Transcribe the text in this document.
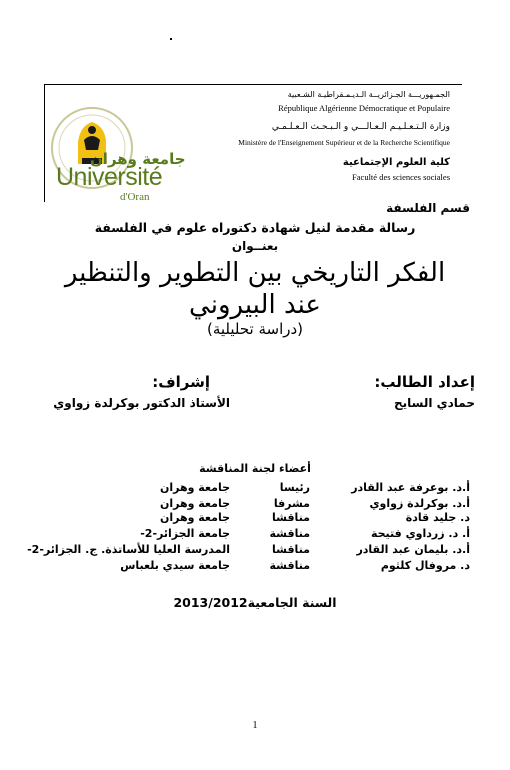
جامعة وهران
Université
d'Oran
الجمـهوريـــة الجـزائريــة الـديـمـقراطيـة الشـعبية
République Algérienne Démocratique et Populaire
وزارة الـتـعـلـيـم الـعـالـــي و الـبـحـث الـعـلـمـي
Ministère de l'Enseignement Supérieur et de la Recherche Scientifique
كلية العلوم الإجتماعية
Faculté des sciences sociales
قسم الفلسفة
رسالة مقدمة لنيل شهادة دكتوراه علوم في الفلسفة
بعنــوان
الفكر التاريخي بين التطوير والتنظير
عند البيروني
(دراسة تحليلية)
إعداد الطالب:
حمادي السايح
إشراف:
الأستاذ الدكتور بوكرلدة زواوي
أعضاء لجنة المناقشة
أ.د. بوعرفة عبد القادر
رئيسا
جامعة وهران
أ.د. بوكرلدة زواوي
مشرفا
جامعة وهران
د. جليد قادة
مناقشا
جامعة وهران
أ. د. زرداوي فتيحة
مناقشة
جامعة الجزائر-2-
أ.د. بليمان عبد القادر
مناقشا
المدرسة العليا للأساتذة. ج. الجزائر-2-
د. مروفال كلثوم
مناقشة
جامعة سيدي بلعباس
السنة الجامعية2013/2012
1
